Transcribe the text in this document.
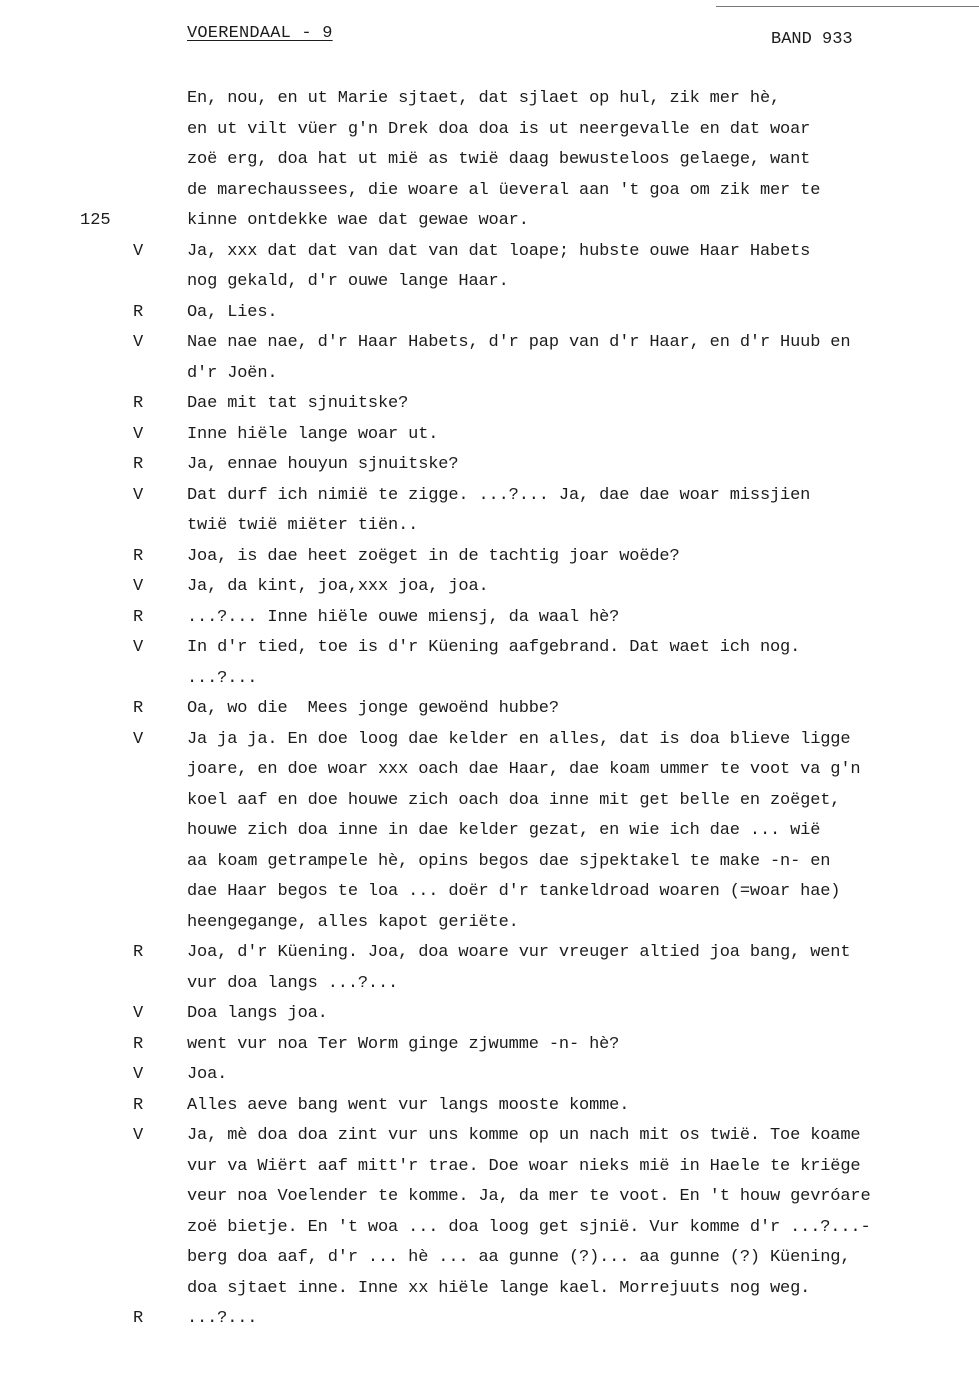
VOERENDAAL - 9	BAND 933
En, nou, en ut Marie sjtaet, dat sjlaet op hul, zik mer hè,
en ut vilt vüer g'n Drek doa doa is ut neergevalle en dat woar
zoë erg, doa hat ut mië as twië daag bewusteloos gelaege, want
de marechaussees, die woare al üeveral aan 't goa om zik mer te
125	kinne ontdekke wae dat gewae woar.
V	Ja, xxx dat dat van dat van dat loape; hubste ouwe Haar Habets
nog gekald, d'r ouwe lange Haar.
R	Oa, Lies.
V	Nae nae nae, d'r Haar Habets, d'r pap van d'r Haar, en d'r Huub en
d'r Joën.
R	Dae mit tat sjnuitske?
V	Inne hiële lange woar ut.
R	Ja, ennae houyun sjnuitske?
V	Dat durf ich nimië te zigge. ...?... Ja, dae dae woar missjien
twië twië miëter tiën..
R	Joa, is dae heet zoëget in de tachtig joar woëde?
V	Ja, da kint, joa,xxx joa, joa.
R	...?... Inne hiële ouwe miensj, da waal hè?
V	In d'r tied, toe is d'r Küening aafgebrand. Dat waet ich nog.
...?...
R	Oa, wo die  Mees jonge gewoënd hubbe?
V	Ja ja ja. En doe loog dae kelder en alles, dat is doa blieve ligge
joare, en doe woar xxx oach dae Haar, dae koam ummer te voot va g'n
koel aaf en doe houwe zich oach doa inne mit get belle en zoëget,
houwe zich doa inne in dae kelder gezat, en wie ich dae ... wië
aa koam getrampele hè, opins begos dae sjpektakel te make -n- en
dae Haar begos te loa ... doër d'r tankeldroad woaren (=woar hae)
heengegange, alles kapot geriëte.
R	Joa, d'r Küening. Joa, doa woare vur vreuger altied joa bang, went
vur doa langs ...?...
V	Doa langs joa.
R	went vur noa Ter Worm ginge zjwumme -n- hè?
V	Joa.
R	Alles aeve bang went vur langs mooste komme.
V	Ja, mè doa doa zint vur uns komme op un nach mit os twië. Toe koame
vur va Wiërt aaf mitt'r trae. Doe woar nieks mië in Haele te kriëge
veur noa Voelender te komme. Ja, da mer te voot. En 't houw gevróare
zoë bietje. En 't woa ... doa loog get sjnië. Vur komme d'r ...?...-
berg doa aaf, d'r ... hè ... aa gunne (?)... aa gunne (?) Küening,
doa sjtaet inne. Inne xx hiële lange kael. Morrejuuts nog weg.
R	...?...
